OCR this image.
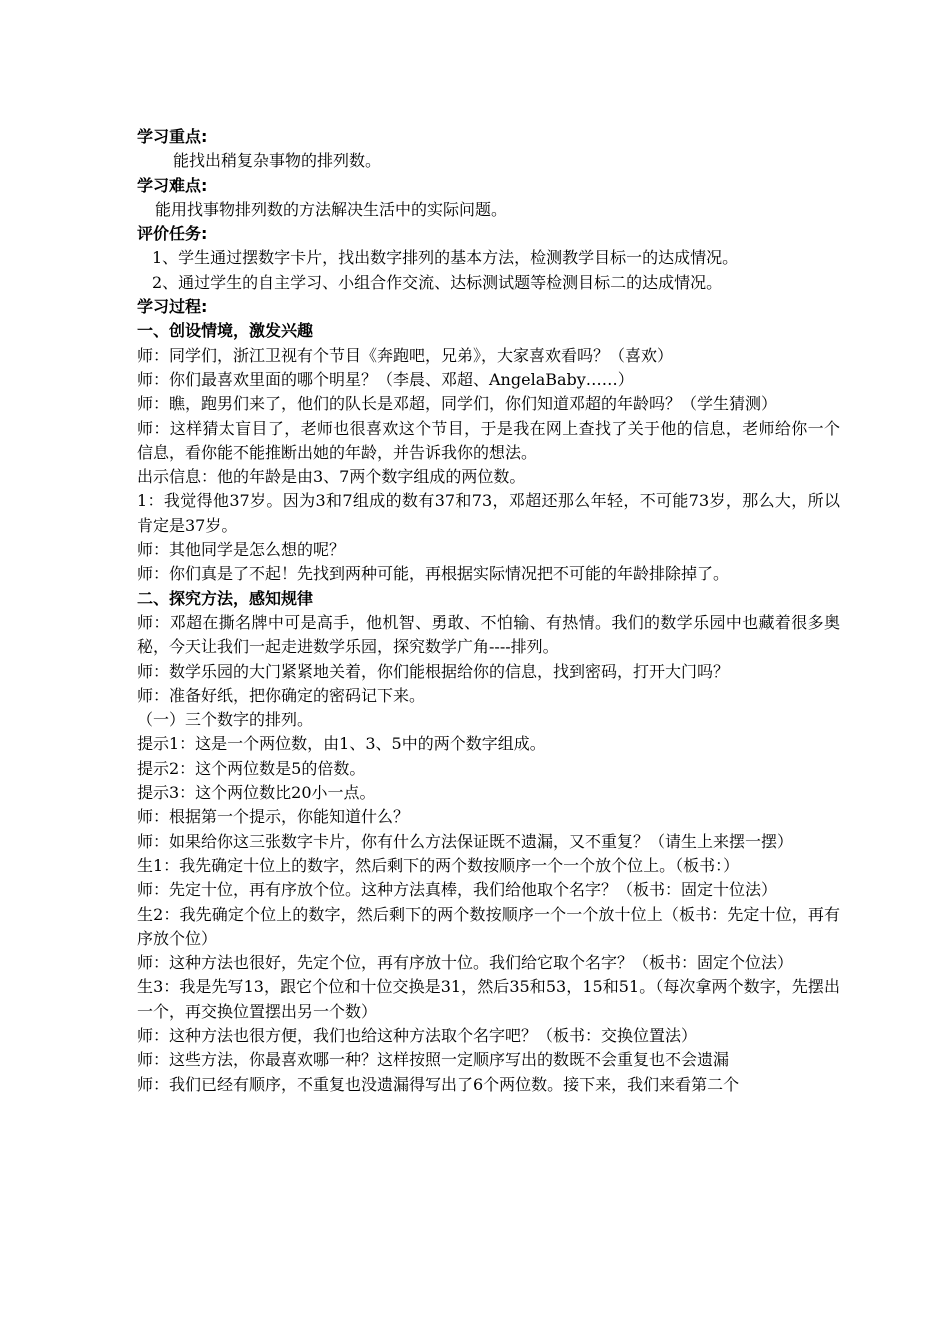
学习重点:

能找出稍复杂事物的排列数。

学习难点:

能用找事物排列数的方法解决生活中的实际问题。

评价任务:

1、学生通过摆数字卡片，找出数字排列的基本方法，检测教学目标一的达成情况。

2、通过学生的自主学习、小组合作交流、达标测试题等检测目标二的达成情况。

学习过程:

一、创设情境，激发兴趣

师：同学们，浙江卫视有个节目《奔跑吧，兄弟》，大家喜欢看吗？（喜欢）

师：你们最喜欢里面的哪个明星？（李晨、邓超、AngelaBaby……）

师：瞧，跑男们来了，他们的队长是邓超，同学们，你们知道邓超的年龄吗？（学生猜测）

师：这样猜太盲目了，老师也很喜欢这个节目，于是我在网上查找了关于他的信息，老师给你一个信息，看你能不能推断出她的年龄，并告诉我你的想法。

出示信息：他的年龄是由3、7两个数字组成的两位数。

1：我觉得他37岁。因为3和7组成的数有37和73，邓超还那么年轻，不可能73岁，那么大，所以肯定是37岁。

师：其他同学是怎么想的呢？

师：你们真是了不起！先找到两种可能，再根据实际情况把不可能的年龄排除掉了。

二、探究方法，感知规律

师：邓超在撕名牌中可是高手，他机智、勇敢、不怕输、有热情。我们的数学乐园中也藏着很多奥秘，今天让我们一起走进数学乐园，探究数学广角----排列。

师：数学乐园的大门紧紧地关着，你们能根据给你的信息，找到密码，打开大门吗？

师：准备好纸，把你确定的密码记下来。

（一）三个数字的排列。

提示1：这是一个两位数，由1、3、5中的两个数字组成。

提示2：这个两位数是5的倍数。

提示3：这个两位数比20小一点。

师：根据第一个提示，你能知道什么？

师：如果给你这三张数字卡片，你有什么方法保证既不遗漏，又不重复？（请生上来摆一摆）

生1：我先确定十位上的数字，然后剩下的两个数按顺序一个一个放个位上。（板书：）

师：先定十位，再有序放个位。这种方法真棒，我们给他取个名字？（板书：固定十位法）

生2：我先确定个位上的数字，然后剩下的两个数按顺序一个一个放十位上（板书：先定十位，再有序放个位）

师：这种方法也很好，先定个位，再有序放十位。我们给它取个名字？（板书：固定个位法）

生3：我是先写13，跟它个位和十位交换是31，然后35和53，15和51。（每次拿两个数字，先摆出一个，再交换位置摆出另一个数）

师：这种方法也很方便，我们也给这种方法取个名字吧？（板书：交换位置法）

师：这些方法，你最喜欢哪一种？这样按照一定顺序写出的数既不会重复也不会遗漏

师：我们已经有顺序，不重复也没遗漏得写出了6个两位数。接下来，我们来看第二个
